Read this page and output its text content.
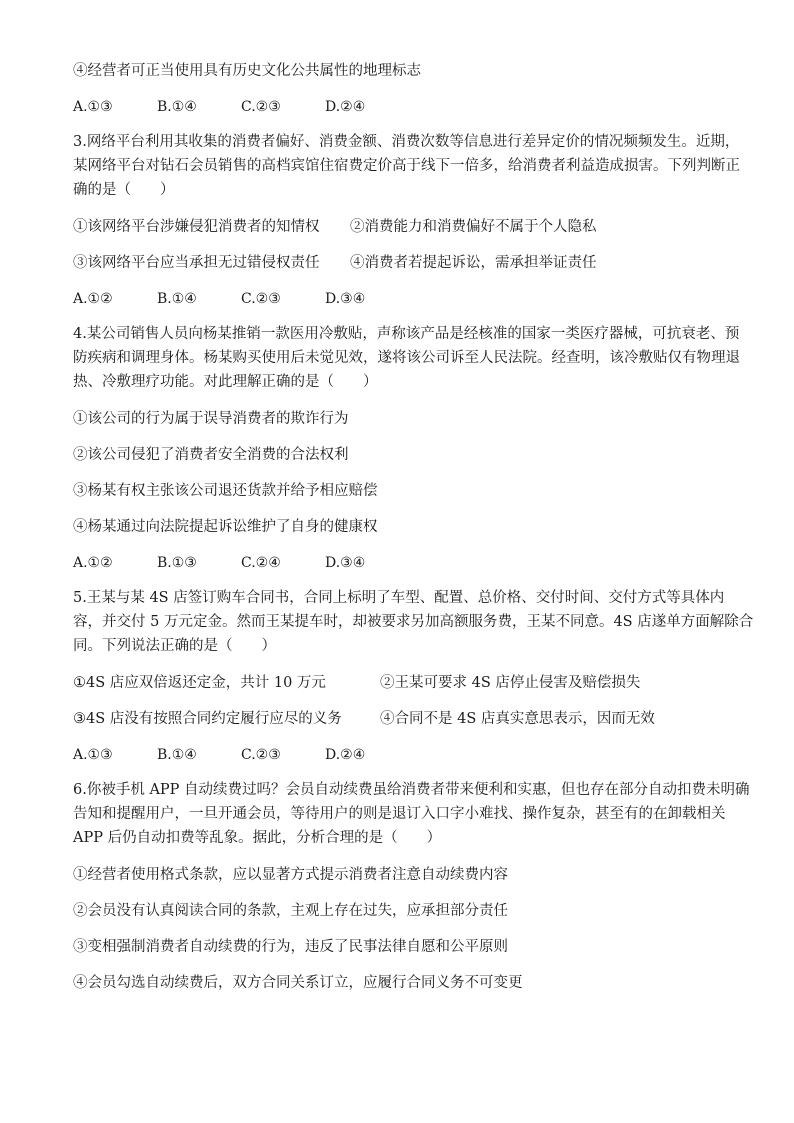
④经营者可正当使用具有历史文化公共属性的地理标志
A.①③	B.①④	C.②③	D.②④
3.网络平台利用其收集的消费者偏好、消费金额、消费次数等信息进行差异定价的情况频频发生。近期，
某网络平台对钻石会员销售的高档宾馆住宿费定价高于线下一倍多，给消费者利益造成损害。下列判断正
确的是（　　）
①该网络平台涉嫌侵犯消费者的知情权	②消费能力和消费偏好不属于个人隐私
③该网络平台应当承担无过错侵权责任	④消费者若提起诉讼，需承担举证责任
A.①②	B.①④	C.②③	D.③④
4.某公司销售人员向杨某推销一款医用冷敷贴，声称该产品是经核准的国家一类医疗器械，可抗衰老、预
防疾病和调理身体。杨某购买使用后未觉见效，遂将该公司诉至人民法院。经查明，该冷敷贴仅有物理退
热、冷敷理疗功能。对此理解正确的是（　　）
①该公司的行为属于误导消费者的欺诈行为
②该公司侵犯了消费者安全消费的合法权利
③杨某有权主张该公司退还货款并给予相应赔偿
④杨某通过向法院提起诉讼维护了自身的健康权
A.①②	B.①③	C.②④	D.③④
5.王某与某 4S 店签订购车合同书，合同上标明了车型、配置、总价格、交付时间、交付方式等具体内
容，并交付 5 万元定金。然而王某提车时，却被要求另加高额服务费，王某不同意。4S 店遂单方面解除合
同。下列说法正确的是（　　）
①4S 店应双倍返还定金，共计 10 万元	②王某可要求 4S 店停止侵害及赔偿损失
③4S 店没有按照合同约定履行应尽的义务	④合同不是 4S 店真实意思表示，因而无效
A.①③	B.①④	C.②③	D.②④
6.你被手机 APP 自动续费过吗？会员自动续费虽给消费者带来便利和实惠，但也存在部分自动扣费未明确
告知和提醒用户，一旦开通会员，等待用户的则是退订入口字小难找、操作复杂，甚至有的在卸载相关
APP 后仍自动扣费等乱象。据此，分析合理的是（　　）
①经营者使用格式条款，应以显著方式提示消费者注意自动续费内容
②会员没有认真阅读合同的条款，主观上存在过失，应承担部分责任
③变相强制消费者自动续费的行为，违反了民事法律自愿和公平原则
④会员勾选自动续费后，双方合同关系订立，应履行合同义务不可变更
